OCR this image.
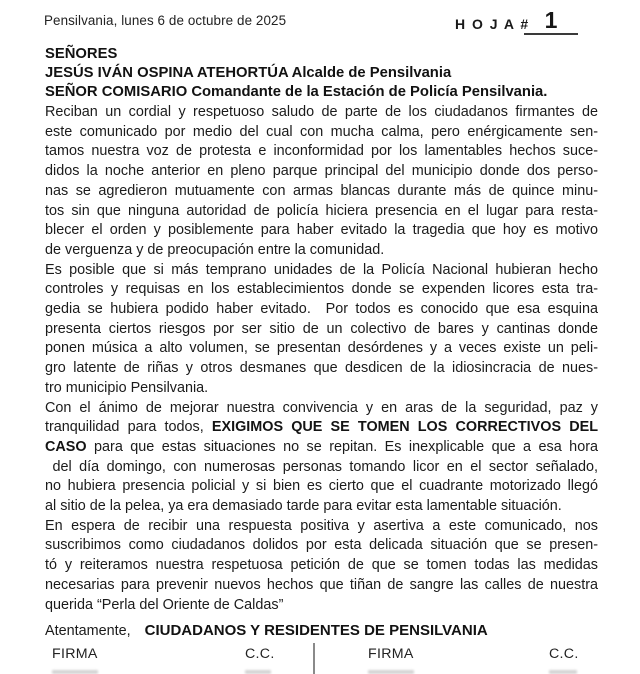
Pensilvania, lunes 6 de octubre de 2025	H O J A # 1
SEÑORES
JESÚS IVÁN OSPINA ATEHORTÚA Alcalde de Pensilvania
SEÑOR COMISARIO Comandante de la Estación de Policía Pensilvania.
Reciban un cordial y respetuoso saludo de parte de los ciudadanos firmantes de
este comunicado por medio del cual con mucha calma, pero enérgicamente sen-
tamos nuestra voz de protesta e inconformidad por los lamentables hechos suce-
didos la noche anterior en pleno parque principal del municipio donde dos perso-
nas se agredieron mutuamente con armas blancas durante más de quince minu-
tos sin que ninguna autoridad de policía hiciera presencia en el lugar para resta-
blecer el orden y posiblemente para haber evitado la tragedia que hoy es motivo
de verguenza y de preocupación entre la comunidad.
Es posible que si más temprano unidades de la Policía Nacional hubieran hecho
controles y requisas en los establecimientos donde se expenden licores esta tra-
gedia se hubiera podido haber evitado.  Por todos es conocido que esa esquina
presenta ciertos riesgos por ser sitio de un colectivo de bares y cantinas donde
ponen música a alto volumen, se presentan desórdenes y a veces existe un peli-
gro latente de riñas y otros desmanes que desdicen de la idiosincracia de nues-
tro municipio Pensilvania.
Con el ánimo de mejorar nuestra convivencia y en aras de la seguridad, paz y
tranquilidad para todos, EXIGIMOS QUE SE TOMEN LOS CORRECTIVOS DEL
CASO para que estas situaciones no se repitan. Es inexplicable que a esa hora
del día domingo, con numerosas personas tomando licor en el sector señalado,
no hubiera presencia policial y si bien es cierto que el cuadrante motorizado llegó
al sitio de la pelea, ya era demasiado tarde para evitar esta lamentable situación.
En espera de recibir una respuesta positiva y asertiva a este comunicado, nos
suscribimos como ciudadanos dolidos por esta delicada situación que se presen-
tó y reiteramos nuestra respetuosa petición de que se tomen todas las medidas
necesarias para prevenir nuevos hechos que tiñan de sangre las calles de nuestra
querida “Perla del Oriente de Caldas”
Atentamente, CIUDADANOS Y RESIDENTES DE PENSILVANIA
FIRMA	C.C.	FIRMA	C.C.
